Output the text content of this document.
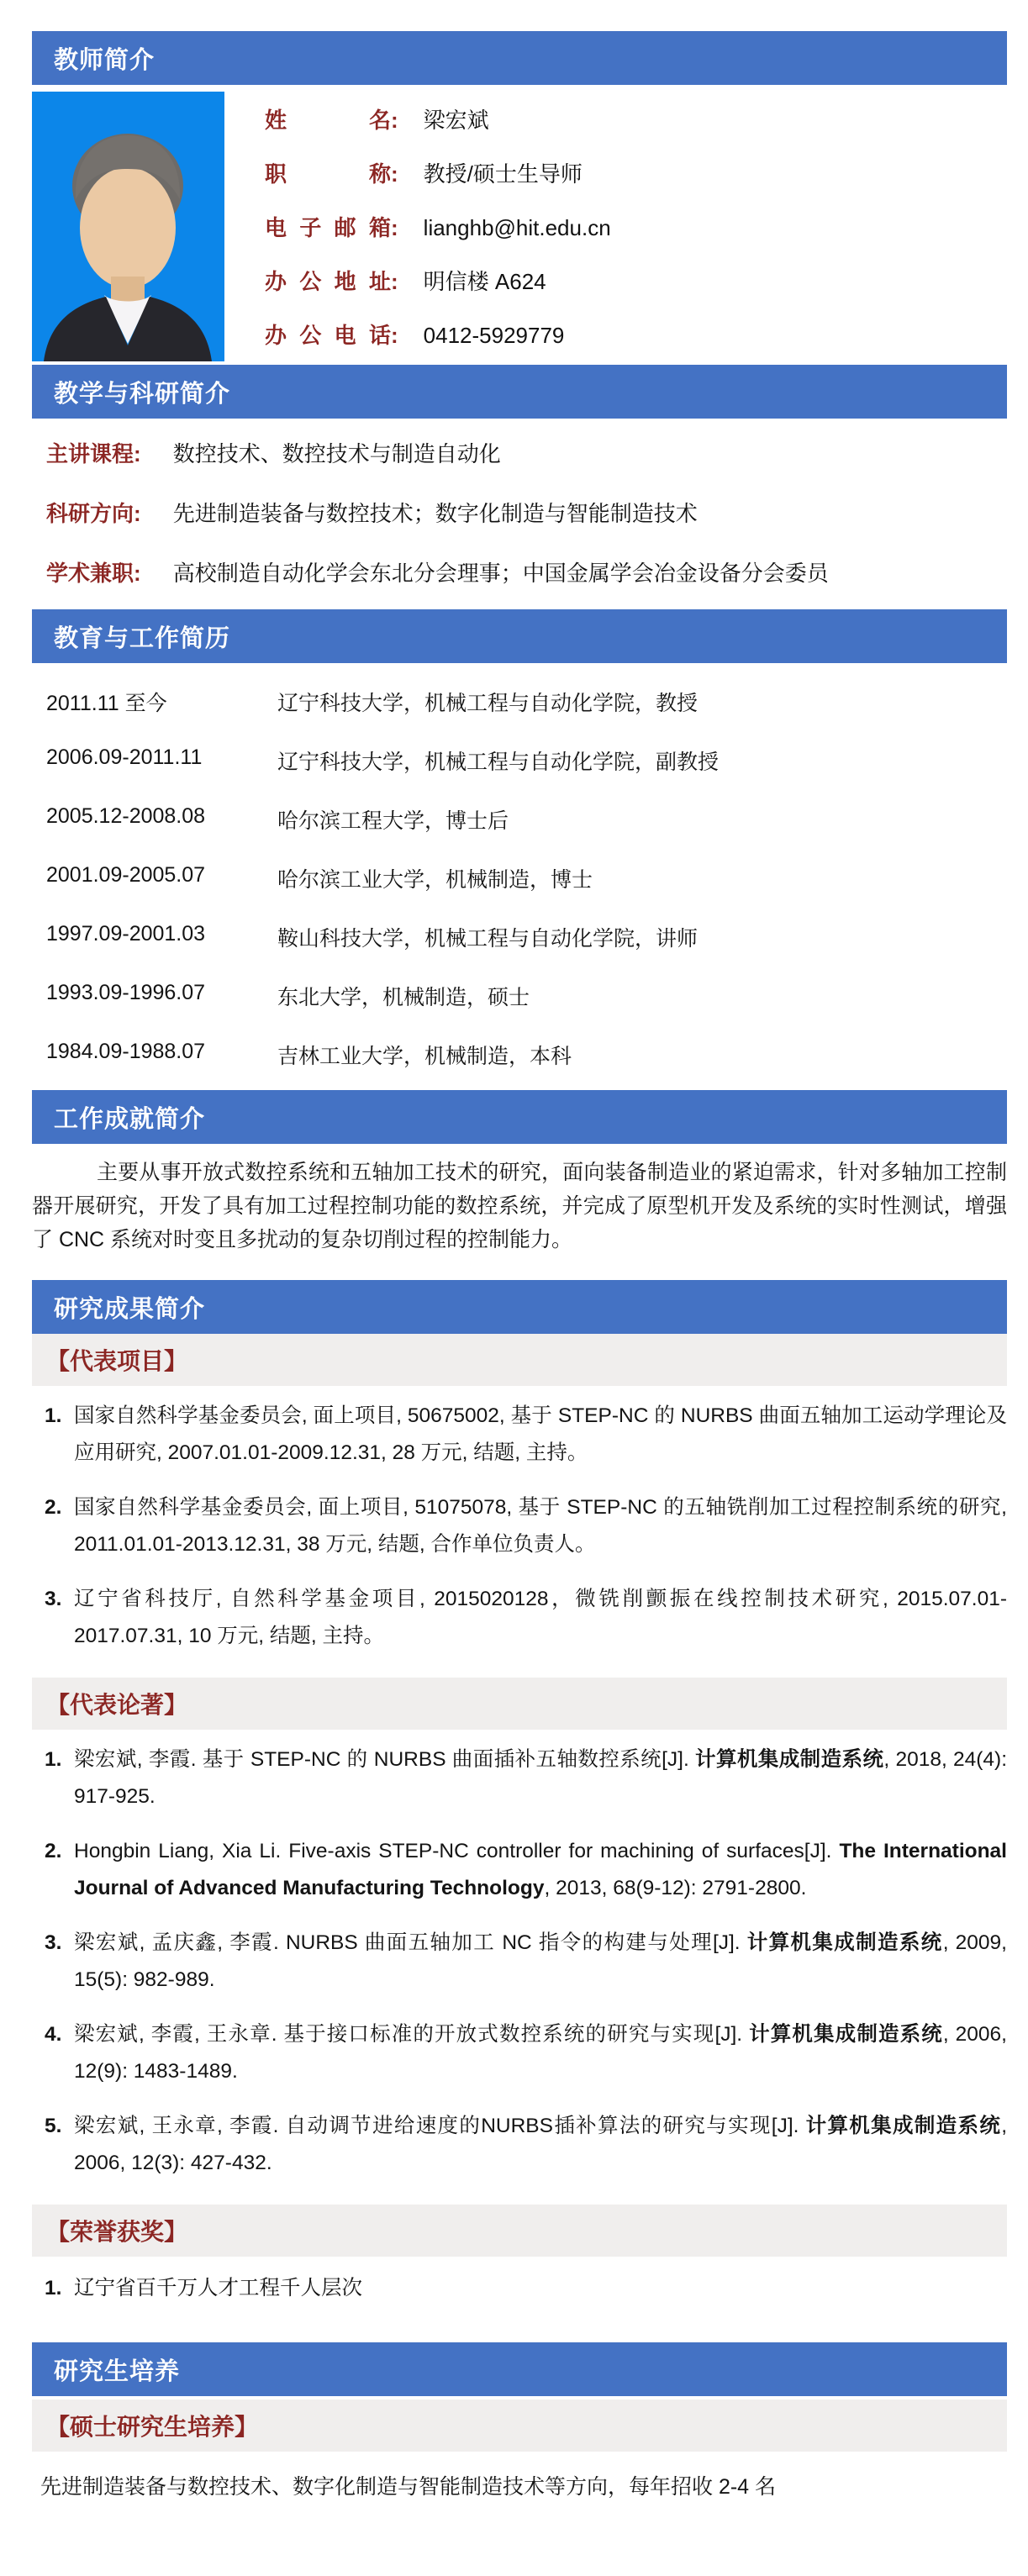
教师简介
姓名 : 梁宏斌
职称 : 教授/硕士生导师
电子邮箱 : lianghb@hit.edu.cn
办公地址 : 明信楼 A624
办公电话 : 0412-5929779
教学与科研简介
主讲课程 : 数控技术、数控技术与制造自动化
科研方向 : 先进制造装备与数控技术；数字化制造与智能制造技术
学术兼职 : 高校制造自动化学会东北分会理事；中国金属学会冶金设备分会委员
教育与工作简历
2011.11 至今	辽宁科技大学，机械工程与自动化学院，教授
2006.09-2011.11	辽宁科技大学，机械工程与自动化学院，副教授
2005.12-2008.08	哈尔滨工程大学，博士后
2001.09-2005.07	哈尔滨工业大学，机械制造，博士
1997.09-2001.03	鞍山科技大学，机械工程与自动化学院，讲师
1993.09-1996.07	东北大学，机械制造，硕士
1984.09-1988.07	吉林工业大学，机械制造，本科
工作成就简介

主要从事开放式数控系统和五轴加工技术的研究，面向装备制造业的紧迫需求，针对多轴加工控制器开展研究，开发了具有加工过程控制功能的数控系统，并完成了原型机开发及系统的实时性测试，增强了 CNC 系统对时变且多扰动的复杂切削过程的控制能力。

研究成果简介
【代表项目】
1. 国家自然科学基金委员会, 面上项目, 50675002, 基于 STEP-NC 的 NURBS 曲面五轴加工运动学理论及应用研究, 2007.01.01-2009.12.31, 28 万元, 结题, 主持。
2. 国家自然科学基金委员会, 面上项目, 51075078, 基于 STEP-NC 的五轴铣削加工过程控制系统的研究, 2011.01.01-2013.12.31, 38 万元, 结题, 合作单位负责人。
3. 辽宁省科技厅, 自然科学基金项目, 2015020128，微铣削颤振在线控制技术研究, 2015.07.01-2017.07.31, 10 万元, 结题, 主持。
【代表论著】
1. 梁宏斌, 李霞. 基于 STEP-NC 的 NURBS 曲面插补五轴数控系统[J]. 计算机集成制造系统, 2018, 24(4): 917-925.
2. Hongbin Liang, Xia Li. Five-axis STEP-NC controller for machining of surfaces[J]. The International Journal of Advanced Manufacturing Technology, 2013, 68(9-12): 2791-2800.
3. 梁宏斌, 孟庆鑫, 李霞. NURBS 曲面五轴加工 NC 指令的构建与处理[J]. 计算机集成制造系统, 2009, 15(5): 982-989.
4. 梁宏斌, 李霞, 王永章. 基于接口标准的开放式数控系统的研究与实现[J]. 计算机集成制造系统, 2006, 12(9): 1483-1489.
5. 梁宏斌, 王永章, 李霞. 自动调节进给速度的NURBS插补算法的研究与实现[J]. 计算机集成制造系统, 2006, 12(3): 427-432.
【荣誉获奖】
1. 辽宁省百千万人才工程千人层次
研究生培养
【硕士研究生培养】
先进制造装备与数控技术、数字化制造与智能制造技术等方向，每年招收 2-4 名
